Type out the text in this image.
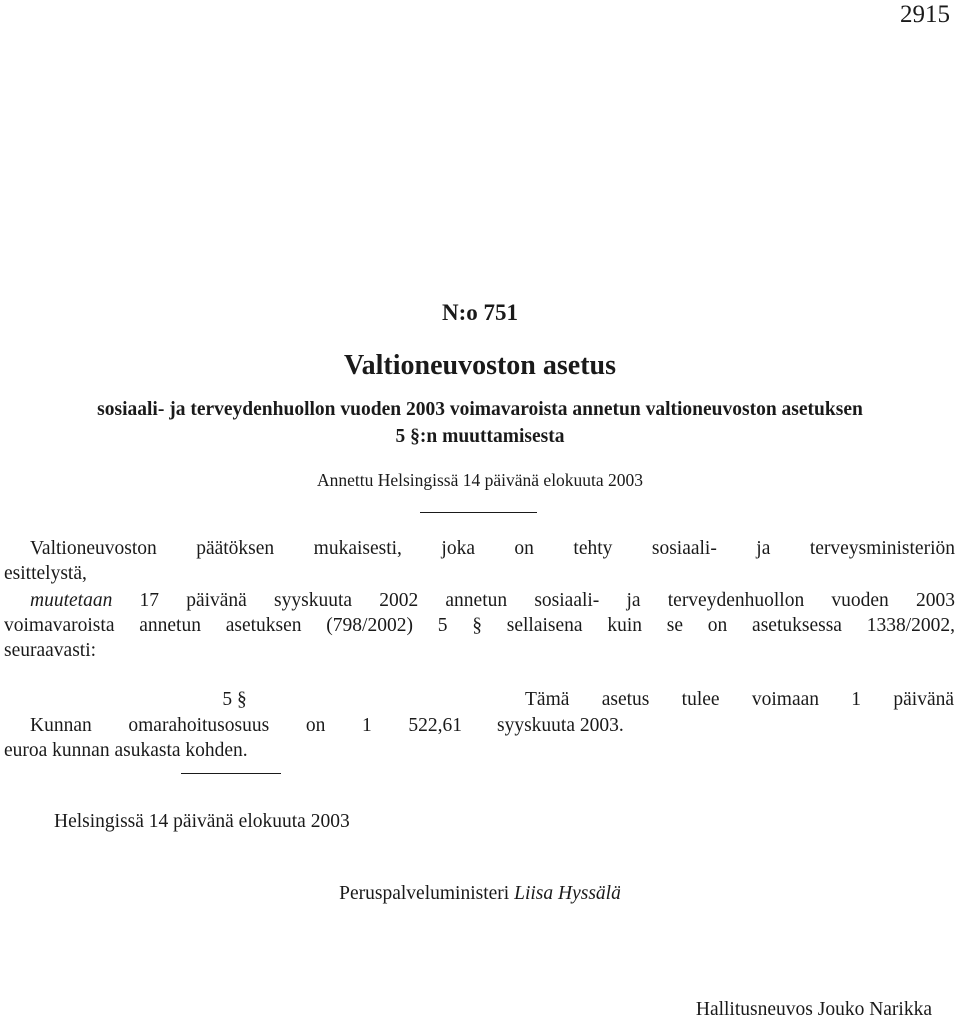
2915
N:o 751
Valtioneuvoston asetus
sosiaali- ja terveydenhuollon vuoden 2003 voimavaroista annetun valtioneuvoston asetuksen
5 §:n muuttamisesta
Annettu Helsingissä 14 päivänä elokuuta 2003
Valtioneuvoston päätöksen mukaisesti, joka on tehty sosiaali- ja terveysministeriön
esittelystä,
muutetaan 17 päivänä syyskuuta 2002 annetun sosiaali- ja terveydenhuollon vuoden 2003
voimavaroista annetun asetuksen (798/2002) 5 § sellaisena kuin se on asetuksessa 1338/2002,
seuraavasti:
5 §
Kunnan omarahoitusosuus on 1 522,61
euroa kunnan asukasta kohden.
Tämä asetus tulee voimaan 1 päivänä
syyskuuta 2003.
Helsingissä 14 päivänä elokuuta 2003
Peruspalveluministeri Liisa Hyssälä
Hallitusneuvos Jouko Narikka
